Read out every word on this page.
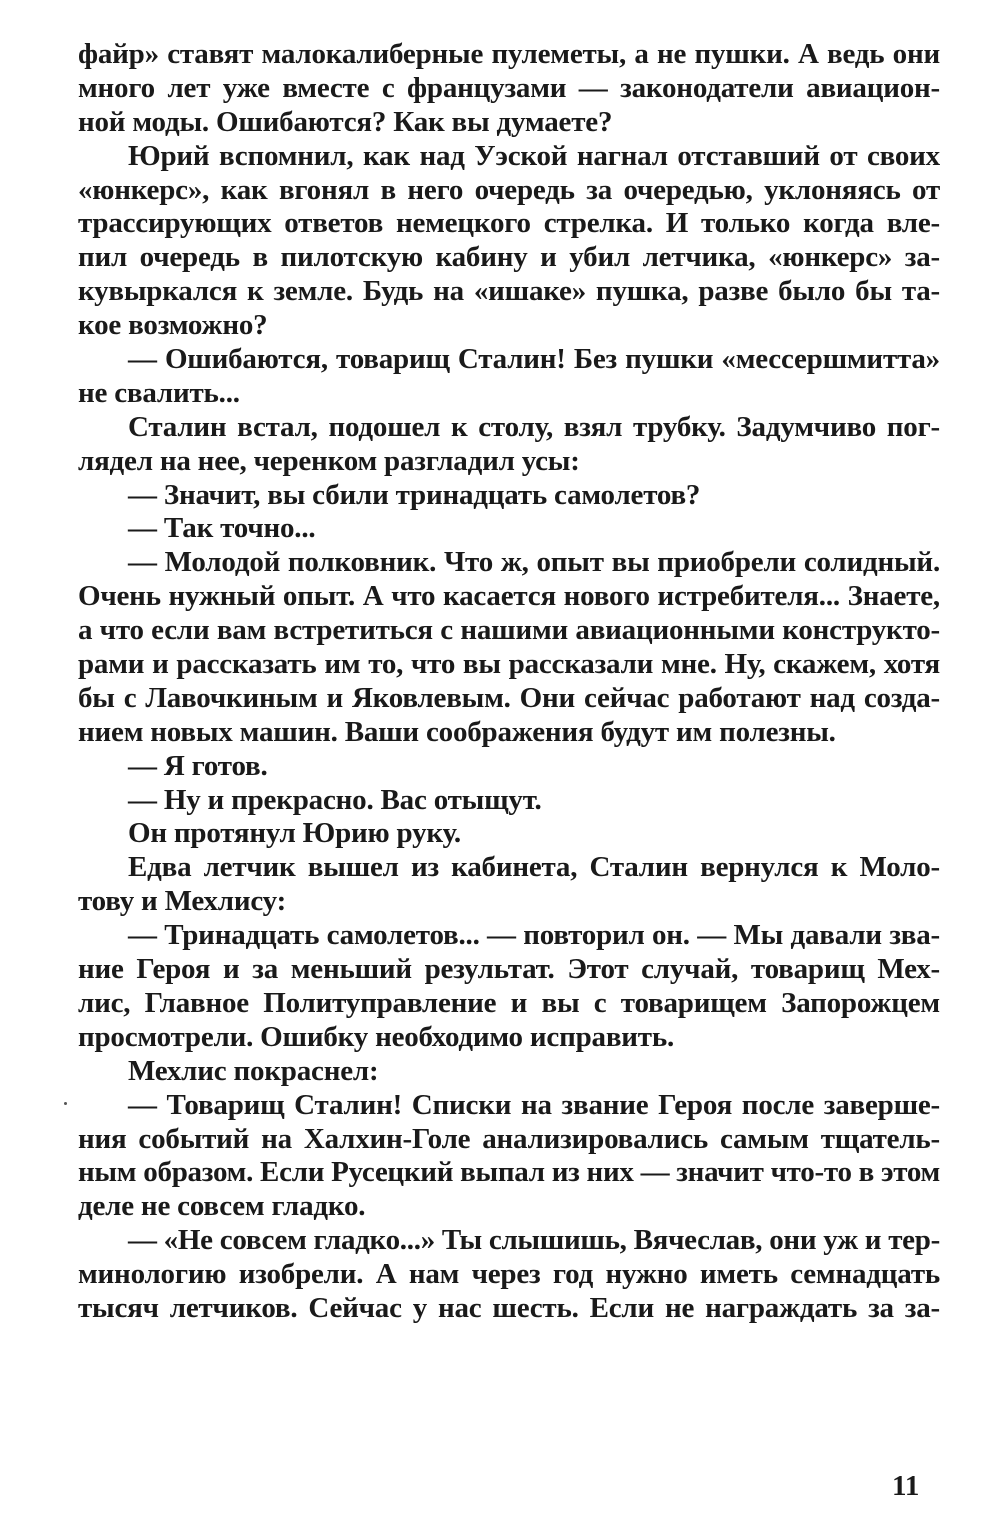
файр» ставят малокалиберные пулеметы, а не пушки. А ведь они
много лет уже вместе с французами — законодатели авиацион-
ной моды. Ошибаются? Как вы думаете?
Юрий вспомнил, как над Уэской нагнал отставший от своих
«юнкерс», как вгонял в него очередь за очередью, уклоняясь от
трассирующих ответов немецкого стрелка. И только когда вле-
пил очередь в пилотскую кабину и убил летчика, «юнкерс» за-
кувыркался к земле. Будь на «ишаке» пушка, разве было бы та-
кое возможно?
— Ошибаются, товарищ Сталин! Без пушки «мессершмитта»
не свалить...
Сталин встал, подошел к столу, взял трубку. Задумчиво пог-
лядел на нее, черенком разгладил усы:
— Значит, вы сбили тринадцать самолетов?
— Так точно...
— Молодой полковник. Что ж, опыт вы приобрели солидный.
Очень нужный опыт. А что касается нового истребителя... Знаете,
а что если вам встретиться с нашими авиационными конструкто-
рами и рассказать им то, что вы рассказали мне. Ну, скажем, хотя
бы с Лавочкиным и Яковлевым. Они сейчас работают над созда-
нием новых машин. Ваши соображения будут им полезны.
— Я готов.
— Ну и прекрасно. Вас отыщут.
Он протянул Юрию руку.
Едва летчик вышел из кабинета, Сталин вернулся к Моло-
тову и Мехлису:
— Тринадцать самолетов... — повторил он. — Мы давали зва-
ние Героя и за меньший результат. Этот случай, товарищ Мех-
лис, Главное Политуправление и вы с товарищем Запорожцем
просмотрели. Ошибку необходимо исправить.
Мехлис покраснел:
— Товарищ Сталин! Списки на звание Героя после заверше-
ния событий на Халхин-Голе анализировались самым тщатель-
ным образом. Если Русецкий выпал из них — значит что-то в этом
деле не совсем гладко.
— «Не совсем гладко...» Ты слышишь, Вячеслав, они уж и тер-
минологию изобрели. А нам через год нужно иметь семнадцать
тысяч летчиков. Сейчас у нас шесть. Если не награждать за за-
11
